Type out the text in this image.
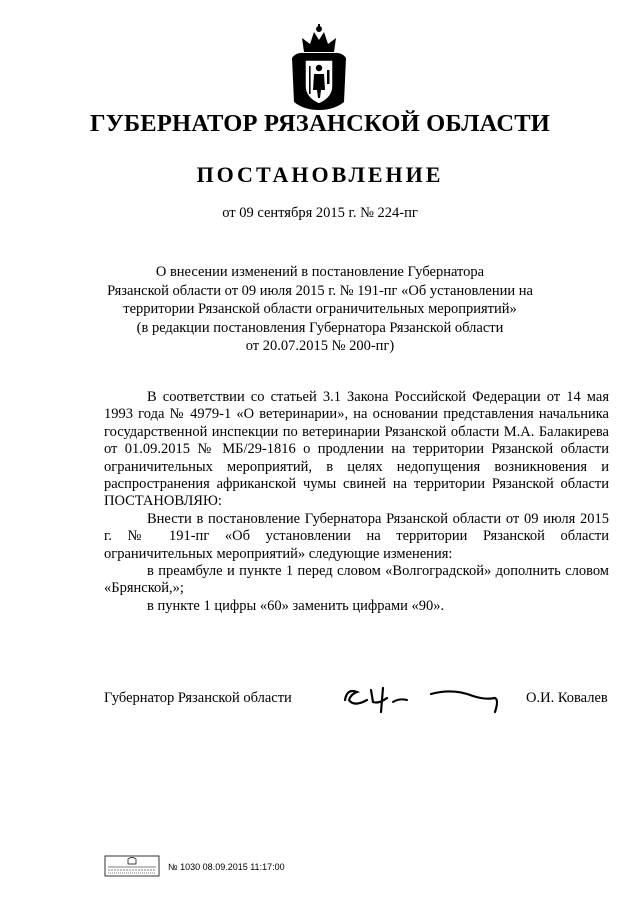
ГУБЕРНАТОР РЯЗАНСКОЙ ОБЛАСТИ
ПОСТАНОВЛЕНИЕ
от 09 сентября 2015 г. № 224-пг
О внесении изменений в постановление Губернатора
Рязанской области от 09 июля 2015 г. № 191-пг «Об установлении на
территории Рязанской области ограничительных мероприятий»
(в редакции постановления Губернатора Рязанской области
от 20.07.2015 № 200-пг)

В соответствии со статьей 3.1 Закона Российской Федерации от 14 мая 1993 года № 4979-1 «О ветеринарии», на основании представления начальника государственной инспекции по ветеринарии Рязанской области М.А. Балакирева от 01.09.2015 № МБ/29-1816 о продлении на территории Рязанской области ограничительных мероприятий, в целях недопущения возникновения и распространения африканской чумы свиней на территории Рязанской области ПОСТАНОВЛЯЮ:

Внести в постановление Губернатора Рязанской области от 09 июля 2015 г. № 191-пг «Об установлении на территории Рязанской области ограничительных мероприятий» следующие изменения:

в преамбуле и пункте 1 перед словом «Волгоградской» дополнить словом «Брянской,»;

в пункте 1 цифры «60» заменить цифрами «90».

Губернатор Рязанской области	О.И. Ковалев
№ 1030 08.09.2015 11:17:00
